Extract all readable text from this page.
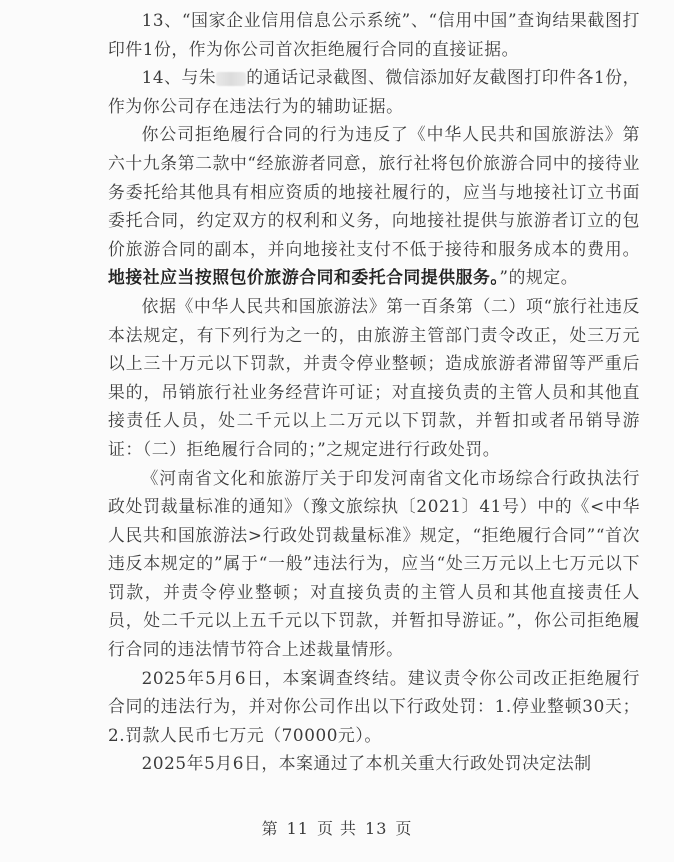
13、“国家企业信用信息公示系统”、“信用中国”查询结果截图打印件1份，作为你公司首次拒绝履行合同的直接证据。

14、与朱 的通话记录截图、微信添加好友截图打印件各1份，作为你公司存在违法行为的辅助证据。

你公司拒绝履行合同的行为违反了《中华人民共和国旅游法》第六十九条第二款中“经旅游者同意，旅行社将包价旅游合同中的接待业务委托给其他具有相应资质的地接社履行的，应当与地接社订立书面委托合同，约定双方的权利和义务，向地接社提供与旅游者订立的包价旅游合同的副本，并向地接社支付不低于接待和服务成本的费用。地接社应当按照包价旅游合同和委托合同提供服务。”的规定。

依据《中华人民共和国旅游法》第一百条第（二）项“旅行社违反本法规定，有下列行为之一的，由旅游主管部门责令改正，处三万元以上三十万元以下罚款，并责令停业整顿；造成旅游者滞留等严重后果的，吊销旅行社业务经营许可证；对直接负责的主管人员和其他直接责任人员，处二千元以上二万元以下罚款，并暂扣或者吊销导游证：（二）拒绝履行合同的；”之规定进行行政处罚。

《河南省文化和旅游厅关于印发河南省文化市场综合行政执法行政处罚裁量标准的通知》（豫文旅综执〔2021〕41号）中的《<中华人民共和国旅游法>行政处罚裁量标准》规定，“拒绝履行合同”“首次违反本规定的”属于“一般”违法行为，应当“处三万元以上七万元以下罚款，并责令停业整顿；对直接负责的主管人员和其他直接责任人员，处二千元以上五千元以下罚款，并暂扣导游证。”，你公司拒绝履行合同的违法情节符合上述裁量情形。

2025年5月6日，本案调查终结。建议责令你公司改正拒绝履行合同的违法行为，并对你公司作出以下行政处罚：1.停业整顿30天；2.罚款人民币七万元（70000元）。

2025年5月6日，本案通过了本机关重大行政处罚决定法制

第 11 页 共 13 页
